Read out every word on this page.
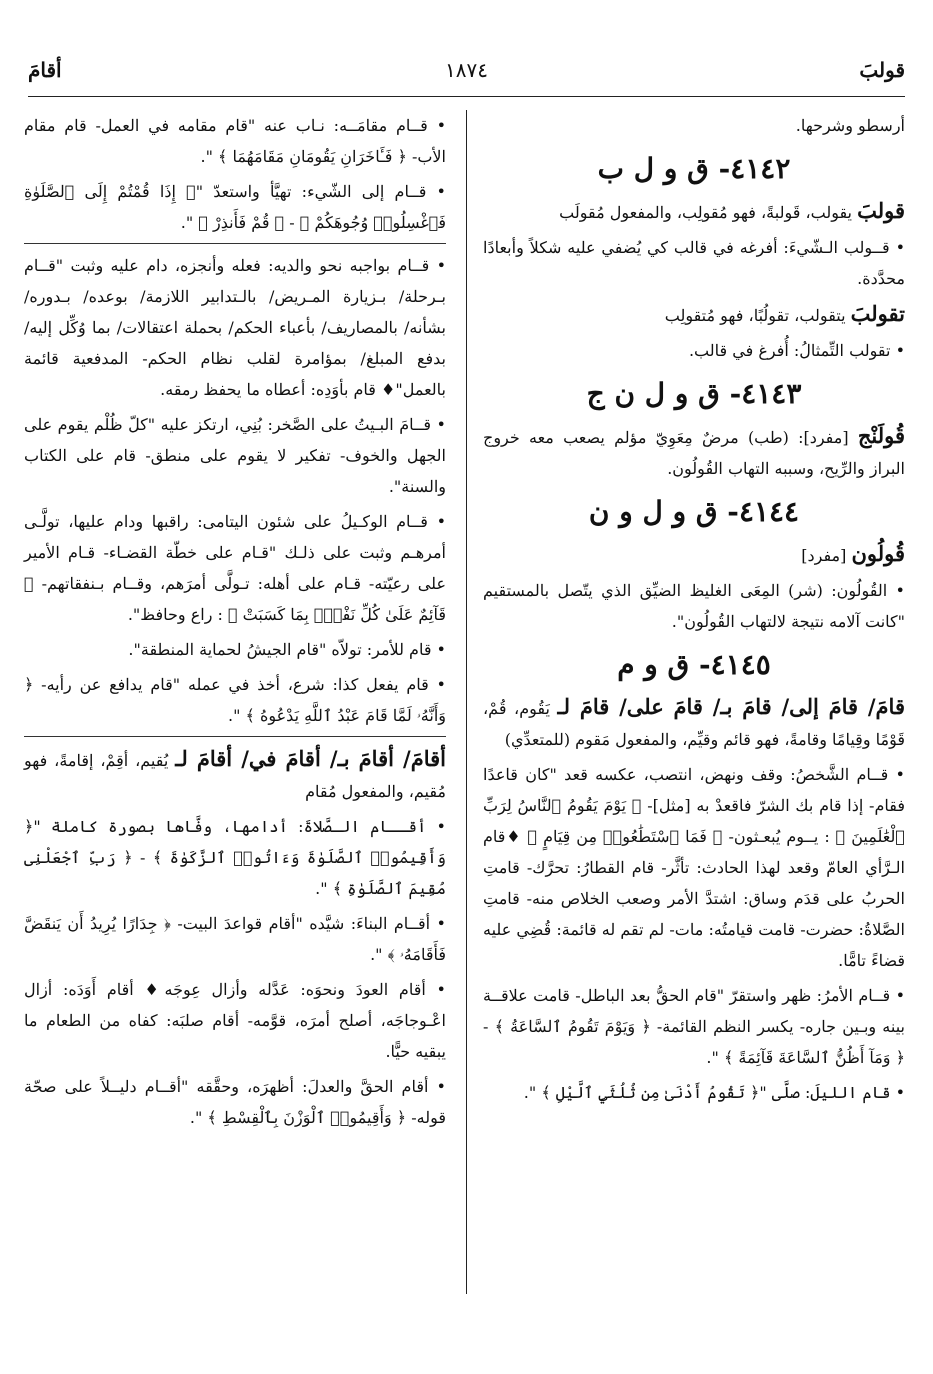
قولبَ
١٨٧٤
أقامَ

أرسطو وشرحها.

٤١٤٢- ق و ل ب

قولبَ يقولب، قَولبةً، فهو مُقولِب، والمفعول مُقولَب

• قــولب الـشّيءَ: أفرغه في قالب كي يُضفي عليه شكلاً وأبعادًا محدَّدة.

تقولبَ يتقولب، تقولُبًا، فهو مُتقولِب

• تقولب التِّمثالُ: أُفرغ في قالب.

٤١٤٣- ق و ل ن ج

قُولَنْج [مفرد]: (طب) مرضٌ مِعَوِيّ مؤلم يصعب معه خروج البراز والرِّيح، وسببه التهاب القُولُون.

٤١٤٤- ق و ل و ن

قُولُون [مفرد]

• القُولُون: (شر) المِعَى الغليظ الضيِّق الذي يتّصل بالمستقيم "كانت آلامه نتيجة لالتهاب القُولُون".

٤١٤٥- ق و م

قامَ/ قامَ إلى/ قامَ بـ/ قامَ على/ قامَ لـ يَقُوم، قُمْ، قَوْمًا وقِيامًا وقامةً، فهو قائم وقيِّم، والمفعول مَقوم (للمتعدِّي)

• قــام الشَّخصُ: وقف ونهض، انتصب، عكسه قعد "كان قاعدًا فقام- إذا قام بك الشرّ فاقعدْ به [مثل]- ﴿ يَوْمَ يَقُومُ ٱلنَّاسُ لِرَبِّ ٱلْعَٰلَمِينَ ﴾ : يــوم يُبعـثون- ﴿ فَمَا ٱسْتَطَٰعُوا۟ مِن قِيَامٍ ﴾ ♦قام الـرَّأي العامّ وقعد لهذا الحادث: تأثَّر- قام القطارُ: تحرَّك- قامتِ الحربُ على قدَم وساق: اشتدَّ الأمر وصعب الخلاص منه- قامتِ الصَّلاةُ: حضرت- قامت قيامتُه: مات- لم تقم له قائمة: قُضِي عليه قضاءً تامًّا.

• قــام الأمرُ: ظهر واستقرّ "قام الحقُّ بعد الباطل- قامت علاقــة بينه وبـين جاره- يكسر النظم القائمة- ﴿ وَيَوْمَ تَقُومُ ٱلسَّاعَةُ ﴾ - ﴿ وَمَآ أَظُنُّ ٱلسَّاعَةَ قَآئِمَةً ﴾ ".

• قام الليلَ: صلَّى "﴿ تَقُومُ أَدْنَىٰ مِن ثُلُثَيِ ٱلَّيْلِ ﴾ ".

• قــام مقامَــه: نـاب عنه "قام مقامه في العمل- قام مقام الأب- ﴿ فَـَٔاخَرَانِ يَقُومَانِ مَقَامَهُمَا ﴾ ".

• قــام إلى الشّيء: تهيَّأ واستعدّ "﴿ إِذَا قُمْتُمْ إِلَى ٱلصَّلَوٰةِ فَٱغْسِلُوا۟ وُجُوهَكُمْ ﴾ - ﴿ قُمْ فَأَنذِرْ ﴾ ".

• قــام بواجبه نحو والديه: فعله وأنجزه، دام عليه وثبت "قــام بـرحلة/ بـزيارة المـريض/ بالـتدابير اللازمة/ بوعده/ بـدوره/ بشأنه/ بالمصاريف/ بأعباء الحكم/ بحملة اعتقالات/ بما وُكِّل إليه/ بدفع المبلغ/ بمؤامرة لقلب نظام الحكم- المدفعية قائمة بالعمل"♦ قام بأوَدِه: أعطاه ما يحفظ رمقه.

• قــامَ البـيتُ على الصَّخر: بُنِي، ارتكز عليه "كلّ ظُلْم يقوم على الجهل والخوف- تفكير لا يقوم على منطق- قام على الكتاب والسنة".

• قــام الوكـيلُ على شئون اليتامى: راقبها ودام عليها، تولَّـى أمرهـم وثبت على ذلـك "قـام على خطّة القضـاء- قـام الأمير على رعيّته- قـام على أهله: تـولَّى أمرَهم، وقــام بـنفقاتهم- ﴿ قَآئِمٌ عَلَىٰ كُلِّ نَفْسٍۭ بِمَا كَسَبَتْ ﴾ : راع وحافظ".

• قام للأمر: تولاّه "قام الجيشُ لحماية المنطقة".

• قام يفعل كذا: شرع، أخذ في عمله "قام يدافع عن رأيه- ﴿ وَأَنَّهُۥ لَمَّا قَامَ عَبْدُ ٱللَّهِ يَدْعُوهُ ﴾ ".

أقامَ/ أقامَ بـ/ أقامَ في/ أقامَ لـ يُقيم، أقِمْ، إقامةً، فهو مُقيم، والمفعول مُقام

• أقــام الـصَّلاةَ: أدامها، وفَّاها بصورة كاملة "﴿ وَأَقِيمُوا۟ ٱلصَّلَوٰةَ وَءَاتُوا۟ ٱلزَّكَوٰةَ ﴾ - ﴿ رَبِّ ٱجْعَلْنِى مُقِيمَ ٱلصَّلَوٰةِ ﴾ ".

• أقــام البناءَ: شيَّده "أقام قواعدَ البيت- ﴿ جِدَارًا يُرِيدُ أَن يَنقَضَّ فَأَقَامَهُۥ ﴾ ".

• أقام العودَ ونحوَه: عَدَّله وأزال عِوجَه♦ أقام أَوَدَه: أزال اعْـوجاجَه، أصلح أمرَه، قوَّمه- أقام صلبَه: كفاه من الطعام ما يبقيه حيًّا.

• أقام الحقَّ والعدلَ: أظهرَه، وحقَّقه "أقــام دليــلاً على صحّة قوله- ﴿ وَأَقِيمُوا۟ ٱلْوَزْنَ بِٱلْقِسْطِ ﴾ ".
